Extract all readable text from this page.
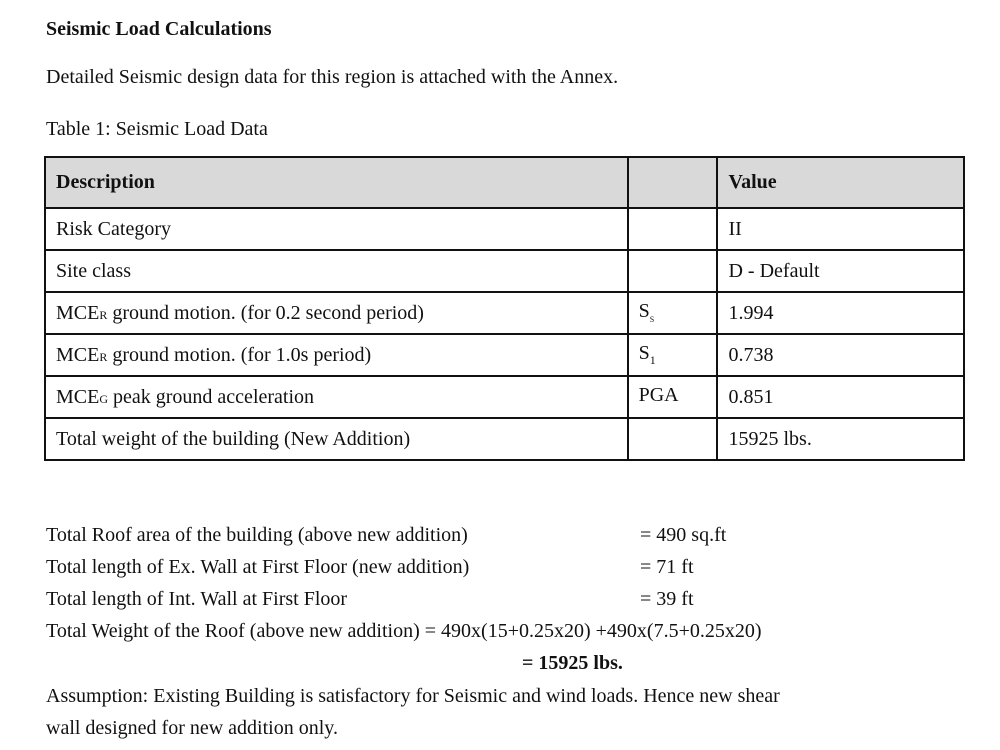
Seismic Load Calculations
Detailed Seismic design data for this region is attached with the Annex.
Table 1: Seismic Load Data
Description		Value
Risk Category		II
Site class		D - Default
MCER ground motion. (for 0.2 second period)	$S_s$	1.994
MCER ground motion. (for 1.0s period)	$S_1$	0.738
MCEG peak ground acceleration	PGA	0.851
Total weight of the building (New Addition)		15925 lbs.
Total Roof area of the building (above new addition)	= 490 sq.ft
Total length of Ex. Wall at First Floor (new addition)	= 71 ft
Total length of Int. Wall at First Floor	= 39 ft
Total Weight of the Roof (above new addition) = 490x(15+0.25x20) +490x(7.5+0.25x20)
= 15925 lbs.
Assumption: Existing Building is satisfactory for Seismic and wind loads. Hence new shear
wall designed for new addition only.
